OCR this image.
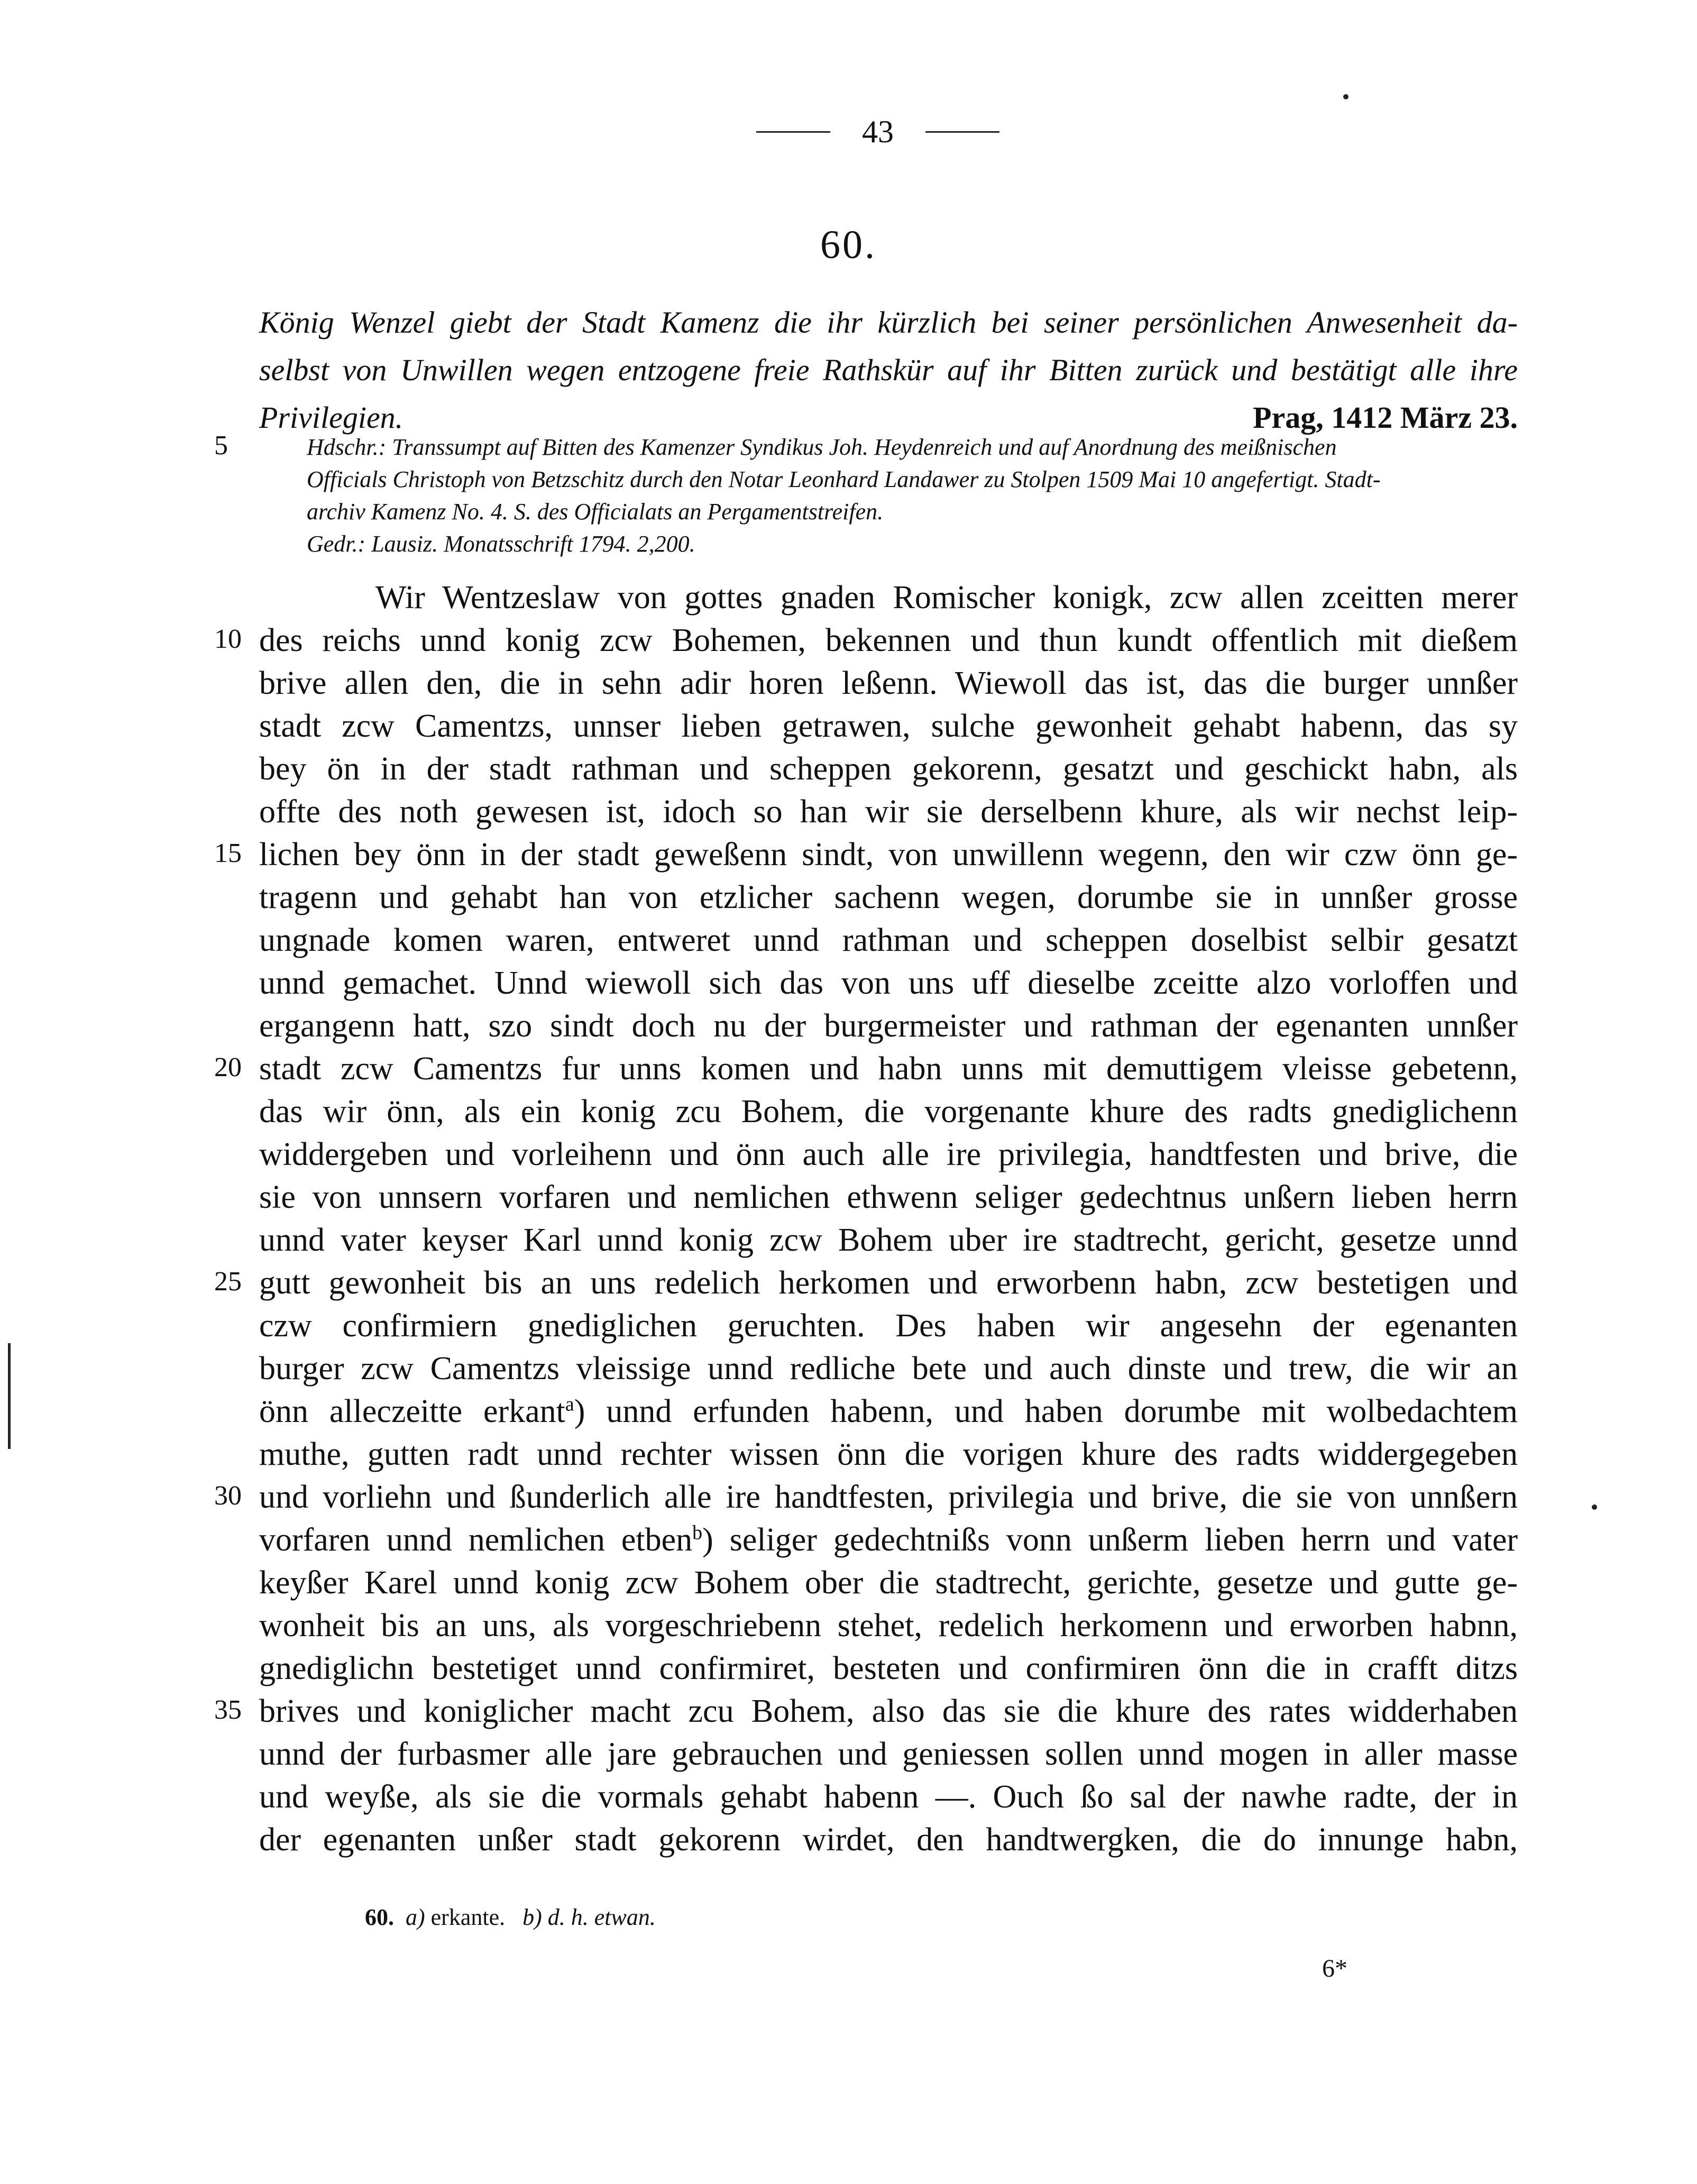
43
60.
König Wenzel giebt der Stadt Kamenz die ihr kürzlich bei seiner persönlichen Anwesenheit da-
selbst von Unwillen wegen entzogene freie Rathskür auf ihr Bitten zurück und bestätigt alle ihre
Privilegien.	Prag, 1412 März 23.
5	Hdschr.: Transsumpt auf Bitten des Kamenzer Syndikus Joh. Heydenreich und auf Anordnung des meißnischen
Officials Christoph von Betzschitz durch den Notar Leonhard Landawer zu Stolpen 1509 Mai 10 angefertigt. Stadt-
archiv Kamenz No. 4. S. des Officialats an Pergamentstreifen.
Gedr.: Lausiz. Monatsschrift 1794. 2,200.
Wir Wentzeslaw von gottes gnaden Romischer konigk, zcw allen zceitten merer
des reichs unnd konig zcw Bohemen, bekennen und thun kundt offentlich mit dießem
brive allen den, die in sehn adir horen leßenn. Wiewoll das ist, das die burger unnßer
stadt zcw Camentzs, unnser lieben getrawen, sulche gewonheit gehabt habenn, das sy
bey ön in der stadt rathman und scheppen gekorenn, gesatzt und geschickt habn, als
offte des noth gewesen ist, idoch so han wir sie derselbenn khure, als wir nechst leip-
lichen bey önn in der stadt geweßenn sindt, von unwillenn wegenn, den wir czw önn ge-
tragenn und gehabt han von etzlicher sachenn wegen, dorumbe sie in unnßer grosse
ungnade komen waren, entweret unnd rathman und scheppen doselbist selbir gesatzt
unnd gemachet. Unnd wiewoll sich das von uns uff dieselbe zceitte alzo vorloffen und
ergangenn hatt, szo sindt doch nu der burgermeister und rathman der egenanten unnßer
stadt zcw Camentzs fur unns komen und habn unns mit demuttigem vleisse gebetenn,
das wir önn, als ein konig zcu Bohem, die vorgenante khure des radts gnediglichenn
widdergeben und vorleihenn und önn auch alle ire privilegia, handtfesten und brive, die
sie von unnsern vorfaren und nemlichen ethwenn seliger gedechtnus unßern lieben herrn
unnd vater keyser Karl unnd konig zcw Bohem uber ire stadtrecht, gericht, gesetze unnd
gutt gewonheit bis an uns redelich herkomen und erworbenn habn, zcw bestetigen und
czw confirmiern gnediglichen geruchten. Des haben wir angesehn der egenanten
burger zcw Camentzs vleissige unnd redliche bete und auch dinste und trew, die wir an
önn alleczeitte erkant$^a$) unnd erfunden habenn, und haben dorumbe mit wolbedachtem
muthe, gutten radt unnd rechter wissen önn die vorigen khure des radts widdergegeben
und vorliehn und ßunderlich alle ire handtfesten, privilegia und brive, die sie von unnßern
vorfaren unnd nemlichen etben$^b$) seliger gedechtnißs vonn unßerm lieben herrn und vater
keyßer Karel unnd konig zcw Bohem ober die stadtrecht, gerichte, gesetze und gutte ge-
wonheit bis an uns, als vorgeschriebenn stehet, redelich herkomenn und erworben habnn,
gnediglichn bestetiget unnd confirmiret, besteten und confirmiren önn die in crafft ditzs
brives und koniglicher macht zcu Bohem, also das sie die khure des rates widderhaben
unnd der furbasmer alle jare gebrauchen und geniessen sollen unnd mogen in aller masse
und weyße, als sie die vormals gehabt habenn —. Ouch ßo sal der nawhe radte, der in
der egenanten unßer stadt gekorenn wirdet, den handtwergken, die do innunge habn,
10
15
20
25
30
35
60. a) erkante. b) d. h. etwan.
6*
